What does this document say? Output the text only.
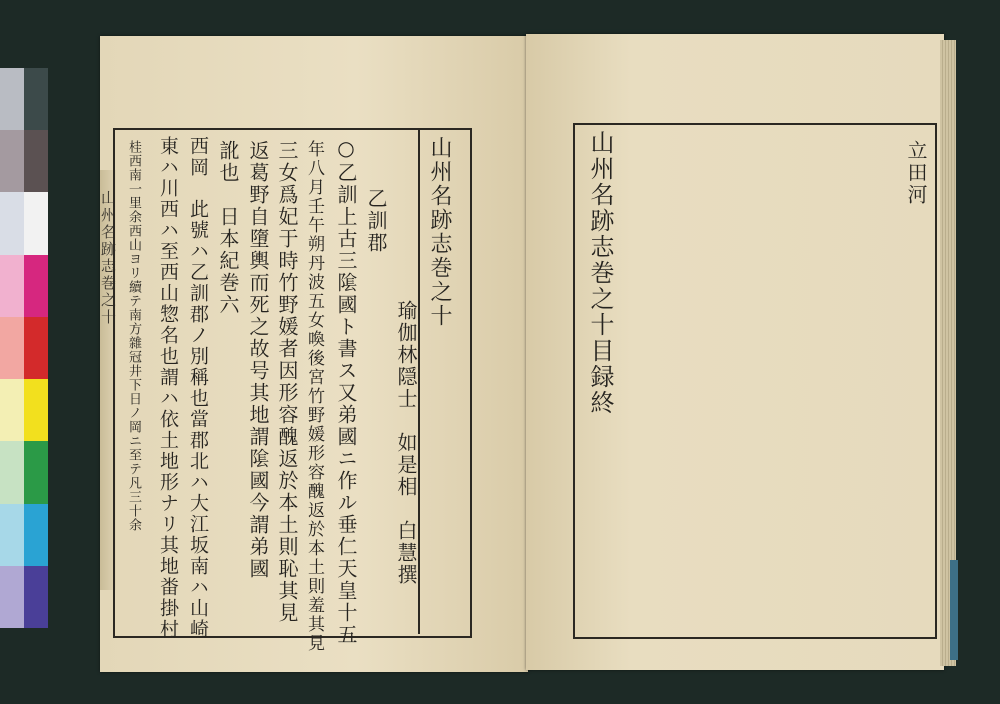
山州名跡志巻之十	山州名跡志巻之十
瑜伽林隠士　如是相　白慧撰
乙訓郡
○乙訓上古三隂國ト書ス又弟國ニ作ル垂仁天皇十五
年八月壬午朔丹波五女喚後宮竹野媛形容醜返於本土則羞其見
三女爲妃于時竹野媛者因形容醜返於本土則恥其見
返葛野自墮輿而死之故号其地謂隂國今謂弟國
訛也　日本紀巻六
西岡　此號ハ乙訓郡ノ別稱也當郡北ハ大江坂南ハ山崎
東ハ川西ハ至西山惣名也謂ハ依土地形ナリ其地畨掛村
桂西南一里余西山ヨリ續テ南方雜冠井下日ノ岡ニ至テ凡三十余	山州名跡志巻之十目録終	立田河
